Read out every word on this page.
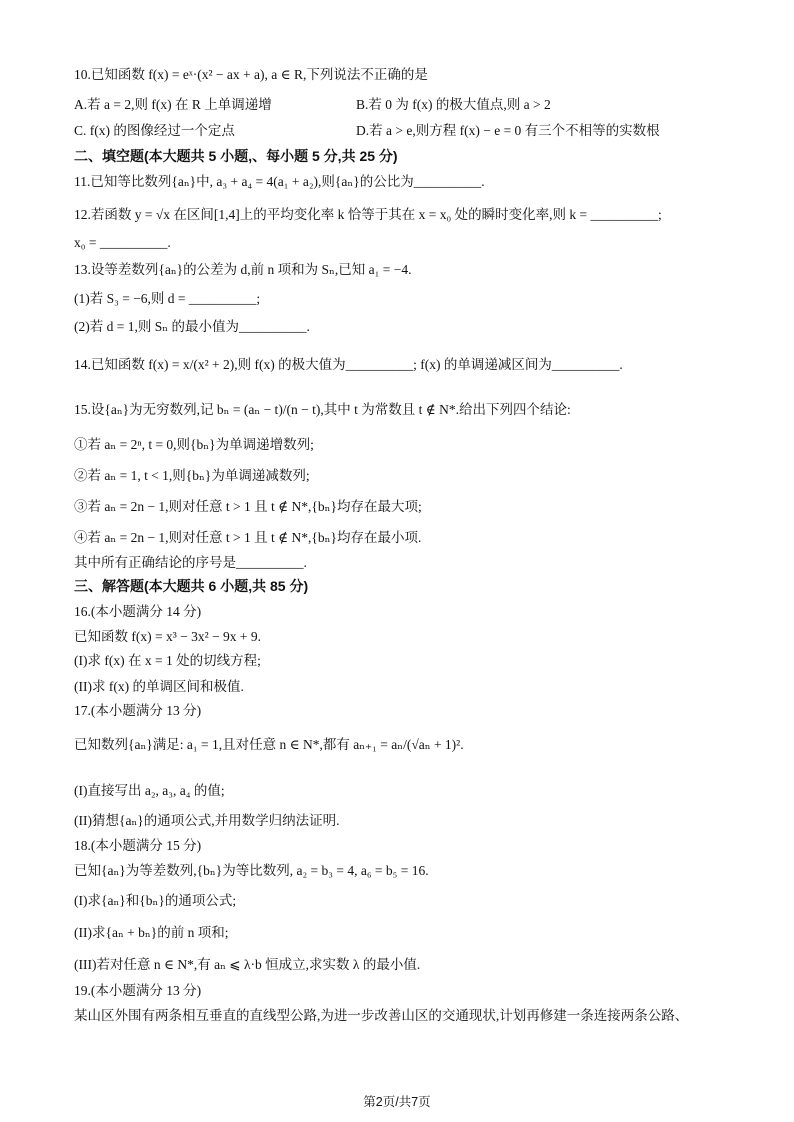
10.已知函数 f(x) = eˣ·(x² − ax + a), a ∈ R,下列说法不正确的是
A.若 a = 2,则 f(x) 在 R 上单调递增	B.若 0 为 f(x) 的极大值点,则 a > 2
C. f(x) 的图像经过一个定点	D.若 a > e,则方程 f(x) − e = 0 有三个不相等的实数根
二、填空题(本大题共 5 小题,、每小题 5 分,共 25 分)
11.已知等比数列{aₙ}中, a₃ + a₄ = 4(a₁ + a₂),则{aₙ}的公比为__________.
12.若函数 y = √x 在区间[1,4]上的平均变化率 k 恰等于其在 x = x₀ 处的瞬时变化率,则 k = __________;
x₀ = __________.
13.设等差数列{aₙ}的公差为 d,前 n 项和为 Sₙ,已知 a₁ = −4.
(1)若 S₃ = −6,则 d = __________;
(2)若 d = 1,则 Sₙ 的最小值为__________.
14.已知函数 f(x) = x/(x² + 2),则 f(x) 的极大值为__________; f(x) 的单调递减区间为__________.
15.设{aₙ}为无穷数列,记 bₙ = (aₙ − t)/(n − t),其中 t 为常数且 t ∉ N*.给出下列四个结论:
①若 aₙ = 2ⁿ, t = 0,则{bₙ}为单调递增数列;
②若 aₙ = 1, t < 1,则{bₙ}为单调递减数列;
③若 aₙ = 2n − 1,则对任意 t > 1 且 t ∉ N*,{bₙ}均存在最大项;
④若 aₙ = 2n − 1,则对任意 t > 1 且 t ∉ N*,{bₙ}均存在最小项.
其中所有正确结论的序号是__________.
三、解答题(本大题共 6 小题,共 85 分)
16.(本小题满分 14 分)
已知函数 f(x) = x³ − 3x² − 9x + 9.
(I)求 f(x) 在 x = 1 处的切线方程;
(II)求 f(x) 的单调区间和极值.
17.(本小题满分 13 分)
已知数列{aₙ}满足: a₁ = 1,且对任意 n ∈ N*,都有 aₙ₊₁ = aₙ/(√aₙ + 1)².
(I)直接写出 a₂, a₃, a₄ 的值;
(II)猜想{aₙ}的通项公式,并用数学归纳法证明.
18.(本小题满分 15 分)
已知{aₙ}为等差数列,{bₙ}为等比数列, a₂ = b₃ = 4, a₆ = b₅ = 16.
(I)求{aₙ}和{bₙ}的通项公式;
(II)求{aₙ + bₙ}的前 n 项和;
(III)若对任意 n ∈ N*,有 aₙ ⩽ λ·b 恒成立,求实数 λ 的最小值.
19.(本小题满分 13 分)
某山区外围有两条相互垂直的直线型公路,为进一步改善山区的交通现状,计划再修建一条连接两条公路、
第2页/共7页
